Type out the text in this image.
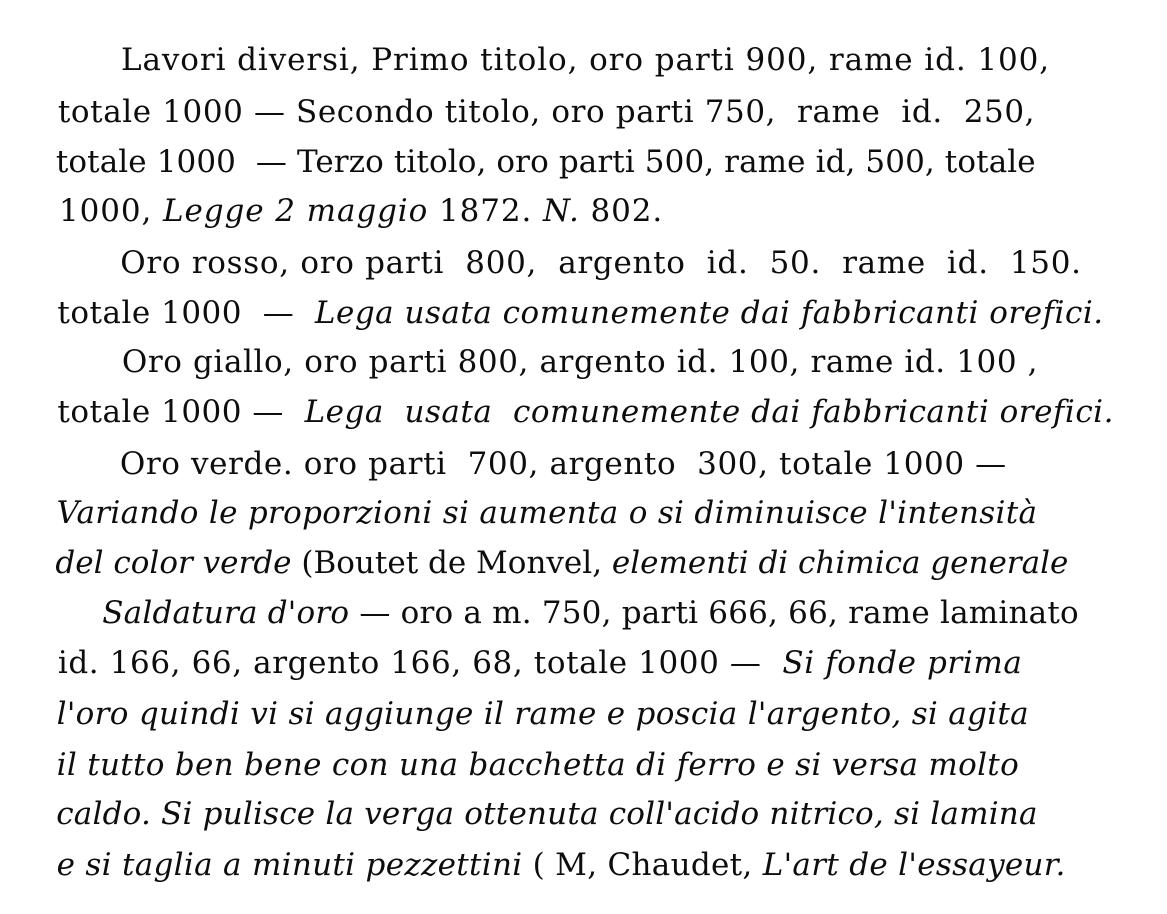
Lavori diversi, Primo titolo, oro parti 900, rame id. 100,

totale 1000 — Secondo titolo, oro parti 750,  rame  id.  250,

totale 1000  — Terzo titolo, oro parti 500, rame id, 500, totale

1000, Legge 2 maggio 1872. N. 802.

Oro rosso, oro parti  800,  argento  id.  50.  rame  id.  150.

totale 1000  —  Lega usata comunemente dai fabbricanti orefici.

Oro giallo, oro parti 800, argento id. 100, rame id. 100 ,

totale 1000 —  Lega  usata  comunemente dai fabbricanti orefici.

Oro verde. oro parti  700, argento  300, totale 1000 —

Variando le proporzioni si aumenta o si diminuisce l'intensità

del color verde (Boutet de Monvel, elementi di chimica generale

Saldatura d'oro — oro a m. 750, parti 666, 66, rame laminato

id. 166, 66, argento 166, 68, totale 1000 —  Si fonde prima

l'oro quindi vi si aggiunge il rame e poscia l'argento, si agita

il tutto ben bene con una bacchetta di ferro e si versa molto

caldo. Si pulisce la verga ottenuta coll'acido nitrico, si lamina

e si taglia a minuti pezzettini ( M, Chaudet, L'art de l'essayeur.
